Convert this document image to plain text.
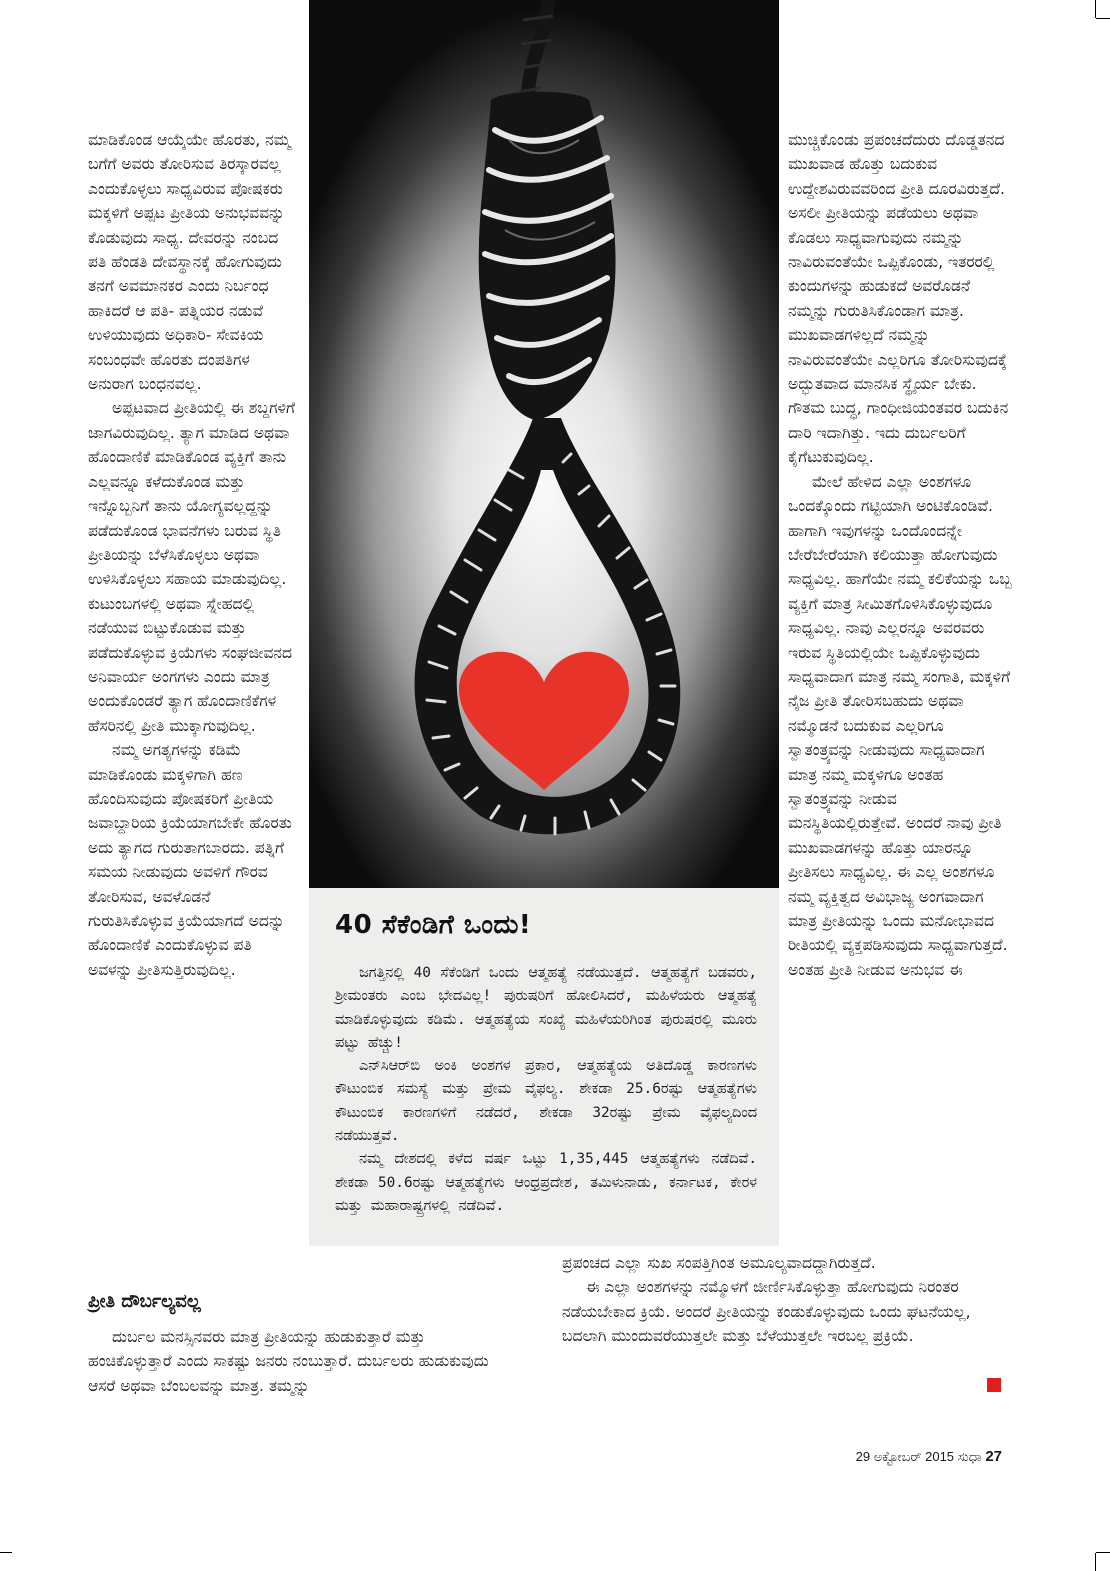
ಮಾಡಿಕೊಂಡ ಆಯ್ಕೆಯೇ ಹೊರತು, ನಮ್ಮ ಬಗೆಗೆ ಅವರು ತೋರಿಸುವ ತಿರಸ್ಕಾರವಲ್ಲ ಎಂದುಕೊಳ್ಳಲು ಸಾಧ್ಯವಿರುವ ಪೋಷಕರು ಮಕ್ಕಳಿಗೆ ಅಪ್ಪಟ ಪ್ರೀತಿಯ ಅನುಭವವನ್ನು ಕೊಡುವುದು ಸಾಧ್ಯ. ದೇವರನ್ನು ನಂಬದ ಪತಿ ಹೆಂಡತಿ ದೇವಸ್ಥಾನಕ್ಕೆ ಹೋಗುವುದು ತನಗೆ ಅವಮಾನಕರ ಎಂದು ನಿರ್ಬಂಧ ಹಾಕಿದರೆ ಆ ಪತಿ- ಪತ್ನಿಯರ ನಡುವೆ ಉಳಿಯುವುದು ಅಧಿಕಾರಿ- ಸೇವಕಿಯ ಸಂಬಂಧವೇ ಹೊರತು ದಂಪತಿಗಳ ಅನುರಾಗ ಬಂಧನವಲ್ಲ.

ಅಪ್ಪಟವಾದ ಪ್ರೀತಿಯಲ್ಲಿ ಈ ಶಬ್ದಗಳಿಗೆ ಜಾಗವಿರುವುದಿಲ್ಲ. ತ್ಯಾಗ ಮಾಡಿದ ಅಥವಾ ಹೊಂದಾಣಿಕೆ ಮಾಡಿಕೊಂಡ ವ್ಯಕ್ತಿಗೆ ತಾನು ಎಲ್ಲವನ್ನೂ ಕಳೆದುಕೊಂಡ ಮತ್ತು ಇನ್ನೊಬ್ಬನಿಗೆ ತಾನು ಯೋಗ್ಯವಲ್ಲದ್ದನ್ನು ಪಡೆದುಕೊಂಡ ಭಾವನೆಗಳು ಬರುವ ಸ್ಥಿತಿ ಪ್ರೀತಿಯನ್ನು ಬೆಳೆಸಿಕೊಳ್ಳಲು ಅಥವಾ ಉಳಿಸಿಕೊಳ್ಳಲು ಸಹಾಯ ಮಾಡುವುದಿಲ್ಲ. ಕುಟುಂಬಗಳಲ್ಲಿ ಅಥವಾ ಸ್ನೇಹದಲ್ಲಿ ನಡೆಯುವ ಬಿಟ್ಟುಕೊಡುವ ಮತ್ತು ಪಡೆದುಕೊಳ್ಳುವ ಕ್ರಿಯೆಗಳು ಸಂಘಜೀವನದ ಅನಿವಾರ್ಯ ಅಂಗಗಳು ಎಂದು ಮಾತ್ರ ಅಂದುಕೊಂಡರೆ ತ್ಯಾಗ ಹೊಂದಾಣಿಕೆಗಳ ಹೆಸರಿನಲ್ಲಿ ಪ್ರೀತಿ ಮುಕ್ಕಾಗುವುದಿಲ್ಲ.

ನಮ್ಮ ಅಗತ್ಯಗಳನ್ನು ಕಡಿಮೆ ಮಾಡಿಕೊಂಡು ಮಕ್ಕಳಿಗಾಗಿ ಹಣ ಹೊಂದಿಸುವುದು ಪೋಷಕರಿಗೆ ಪ್ರೀತಿಯ ಜವಾಬ್ದಾರಿಯ ಕ್ರಿಯೆಯಾಗಬೇಕೇ ಹೊರತು ಅದು ತ್ಯಾಗದ ಗುರುತಾಗಬಾರದು. ಪತ್ನಿಗೆ ಸಮಯ ನೀಡುವುದು ಅವಳಿಗೆ ಗೌರವ ತೋರಿಸುವ, ಅವಳೊಡನೆ ಗುರುತಿಸಿಕೊಳ್ಳುವ ಕ್ರಿಯೆಯಾಗದೆ ಅದನ್ನು ಹೊಂದಾಣಿಕೆ ಎಂದುಕೊಳ್ಳುವ ಪತಿ ಅವಳನ್ನು ಪ್ರೀತಿಸುತ್ತಿರುವುದಿಲ್ಲ.

40 ಸೆಕೆಂಡಿಗೆ ಒಂದು!

ಜಗತ್ತಿನಲ್ಲಿ 40 ಸೆಕೆಂಡಿಗೆ ಒಂದು ಆತ್ಮಹತ್ಯೆ ನಡೆಯುತ್ತದೆ. ಆತ್ಮಹತ್ಯೆಗೆ ಬಡವರು, ಶ್ರೀಮಂತರು ಎಂಬ ಭೇದವಿಲ್ಲ! ಪುರುಷರಿಗೆ ಹೋಲಿಸಿದರೆ, ಮಹಿಳೆಯರು ಆತ್ಮಹತ್ಯೆ ಮಾಡಿಕೊಳ್ಳುವುದು ಕಡಿಮೆ. ಆತ್ಮಹತ್ಯೆಯ ಸಂಖ್ಯೆ ಮಹಿಳೆಯರಿಗಿಂತ ಪುರುಷರಲ್ಲಿ ಮೂರು ಪಟ್ಟು ಹೆಚ್ಚು!

ಎನ್‌ಸಿಆರ್‌ಬಿ ಅಂಕಿ ಅಂಶಗಳ ಪ್ರಕಾರ, ಆತ್ಮಹತ್ಯೆಯ ಅತಿದೊಡ್ಡ ಕಾರಣಗಳು ಕೌಟುಂಬಿಕ ಸಮಸ್ಯೆ ಮತ್ತು ಪ್ರೇಮ ವೈಫಲ್ಯ. ಶೇಕಡಾ 25.6ರಷ್ಟು ಆತ್ಮಹತ್ಯೆಗಳು ಕೌಟುಂಬಿಕ ಕಾರಣಗಳಿಗೆ ನಡೆದರೆ, ಶೇಕಡಾ 32ರಷ್ಟು ಪ್ರೇಮ ವೈಫಲ್ಯದಿಂದ ನಡೆಯುತ್ತವೆ.

ನಮ್ಮ ದೇಶದಲ್ಲಿ ಕಳೆದ ವರ್ಷ ಒಟ್ಟು 1,35,445 ಆತ್ಮಹತ್ಯೆಗಳು ನಡೆದಿವೆ. ಶೇಕಡಾ 50.6ರಷ್ಟು ಆತ್ಮಹತ್ಯೆಗಳು ಆಂಧ್ರಪ್ರದೇಶ, ತಮಿಳುನಾಡು, ಕರ್ನಾಟಕ, ಕೇರಳ ಮತ್ತು ಮಹಾರಾಷ್ಟ್ರಗಳಲ್ಲಿ ನಡೆದಿವೆ.

ಮುಚ್ಚಿಕೊಂಡು ಪ್ರಪಂಚದೆದುರು ದೊಡ್ಡತನದ ಮುಖವಾಡ ಹೊತ್ತು ಬದುಕುವ ಉದ್ದೇಶವಿರುವವರಿಂದ ಪ್ರೀತಿ ದೂರವಿರುತ್ತದೆ. ಅಸಲೀ ಪ್ರೀತಿಯನ್ನು ಪಡೆಯಲು ಅಥವಾ ಕೊಡಲು ಸಾಧ್ಯವಾಗುವುದು ನಮ್ಮನ್ನು ನಾವಿರುವಂತೆಯೇ ಒಪ್ಪಿಕೊಂಡು, ಇತರರಲ್ಲಿ ಕುಂದುಗಳನ್ನು ಹುಡುಕದೆ ಅವರೊಡನೆ ನಮ್ಮನ್ನು ಗುರುತಿಸಿಕೊಂಡಾಗ ಮಾತ್ರ. ಮುಖವಾಡಗಳಿಲ್ಲದೆ ನಮ್ಮನ್ನು ನಾವಿರುವಂತೆಯೇ ಎಲ್ಲರಿಗೂ ತೋರಿಸುವುದಕ್ಕೆ ಅದ್ಭುತವಾದ ಮಾನಸಿಕ ಸ್ಥೈರ್ಯ ಬೇಕು. ಗೌತಮ ಬುದ್ಧ, ಗಾಂಧೀಜಿಯಂತವರ ಬದುಕಿನ ದಾರಿ ಇದಾಗಿತ್ತು. ಇದು ದುರ್ಬಲರಿಗೆ ಕೈಗೆಟುಕುವುದಿಲ್ಲ.

ಮೇಲೆ ಹೇಳಿದ ಎಲ್ಲಾ ಅಂಶಗಳೂ ಒಂದಕ್ಕೊಂದು ಗಟ್ಟಿಯಾಗಿ ಅಂಟಿಕೊಂಡಿವೆ. ಹಾಗಾಗಿ ಇವುಗಳನ್ನು ಒಂದೊಂದನ್ನೇ ಬೇರೆಬೇರೆಯಾಗಿ ಕಲಿಯುತ್ತಾ ಹೋಗುವುದು ಸಾಧ್ಯವಿಲ್ಲ. ಹಾಗೆಯೇ ನಮ್ಮ ಕಲಿಕೆಯನ್ನು ಒಬ್ಬ ವ್ಯಕ್ತಿಗೆ ಮಾತ್ರ ಸೀಮಿತಗೊಳಿಸಿಕೊಳ್ಳುವುದೂ ಸಾಧ್ಯವಿಲ್ಲ. ನಾವು ಎಲ್ಲರನ್ನೂ ಅವರವರು ಇರುವ ಸ್ಥಿತಿಯಲ್ಲಿಯೇ ಒಪ್ಪಿಕೊಳ್ಳುವುದು ಸಾಧ್ಯವಾದಾಗ ಮಾತ್ರ ನಮ್ಮ ಸಂಗಾತಿ, ಮಕ್ಕಳಿಗೆ ನೈಜ ಪ್ರೀತಿ ತೋರಿಸಬಹುದು ಅಥವಾ ನಮ್ಮೊಡನೆ ಬದುಕುವ ಎಲ್ಲರಿಗೂ ಸ್ವಾತಂತ್ರ್ಯವನ್ನು ನೀಡುವುದು ಸಾಧ್ಯವಾದಾಗ ಮಾತ್ರ ನಮ್ಮ ಮಕ್ಕಳಿಗೂ ಅಂತಹ ಸ್ವಾತಂತ್ರ್ಯವನ್ನು ನೀಡುವ ಮನಸ್ಥಿತಿಯಲ್ಲಿರುತ್ತೇವೆ. ಅಂದರೆ ನಾವು ಪ್ರೀತಿ ಮುಖವಾಡಗಳನ್ನು ಹೊತ್ತು ಯಾರನ್ನೂ ಪ್ರೀತಿಸಲು ಸಾಧ್ಯವಿಲ್ಲ. ಈ ಎಲ್ಲ ಅಂಶಗಳೂ ನಮ್ಮ ವ್ಯಕ್ತಿತ್ವದ ಅವಿಭಾಜ್ಯ ಅಂಗವಾದಾಗ ಮಾತ್ರ ಪ್ರೀತಿಯನ್ನು ಒಂದು ಮನೋಭಾವದ ರೀತಿಯಲ್ಲಿ ವ್ಯಕ್ತಪಡಿಸುವುದು ಸಾಧ್ಯವಾಗುತ್ತದೆ. ಅಂತಹ ಪ್ರೀತಿ ನೀಡುವ ಅನುಭವ ಈ

ಪ್ರೀತಿ ದೌರ್ಬಲ್ಯವಲ್ಲ

ದುರ್ಬಲ ಮನಸ್ಸಿನವರು ಮಾತ್ರ ಪ್ರೀತಿಯನ್ನು ಹುಡುಕುತ್ತಾರೆ ಮತ್ತು ಹಂಚಿಕೊಳ್ಳುತ್ತಾರೆ ಎಂದು ಸಾಕಷ್ಟು ಜನರು ನಂಬುತ್ತಾರೆ. ದುರ್ಬಲರು ಹುಡುಕುವುದು ಆಸರೆ ಅಥವಾ ಬೆಂಬಲವನ್ನು ಮಾತ್ರ. ತಮ್ಮನ್ನು

ಪ್ರಪಂಚದ ಎಲ್ಲಾ ಸುಖ ಸಂಪತ್ತಿಗಿಂತ ಅಮೂಲ್ಯವಾದದ್ದಾಗಿರುತ್ತದೆ.

ಈ ಎಲ್ಲಾ ಅಂಶಗಳನ್ನು ನಮ್ಮೊಳಗೆ ಜೀರ್ಣಿಸಿಕೊಳ್ಳುತ್ತಾ ಹೋಗುವುದು ನಿರಂತರ ನಡೆಯಬೇಕಾದ ಕ್ರಿಯೆ. ಅಂದರೆ ಪ್ರೀತಿಯನ್ನು ಕಂಡುಕೊಳ್ಳುವುದು ಒಂದು ಘಟನೆಯಲ್ಲ, ಬದಲಾಗಿ ಮುಂದುವರೆಯುತ್ತಲೇ ಮತ್ತು ಬೆಳೆಯುತ್ತಲೇ ಇರಬಲ್ಲ ಪ್ರಕ್ರಿಯೆ.

29 ಅಕ್ಟೋಬರ್ 2015 ಸುಧಾ 27
